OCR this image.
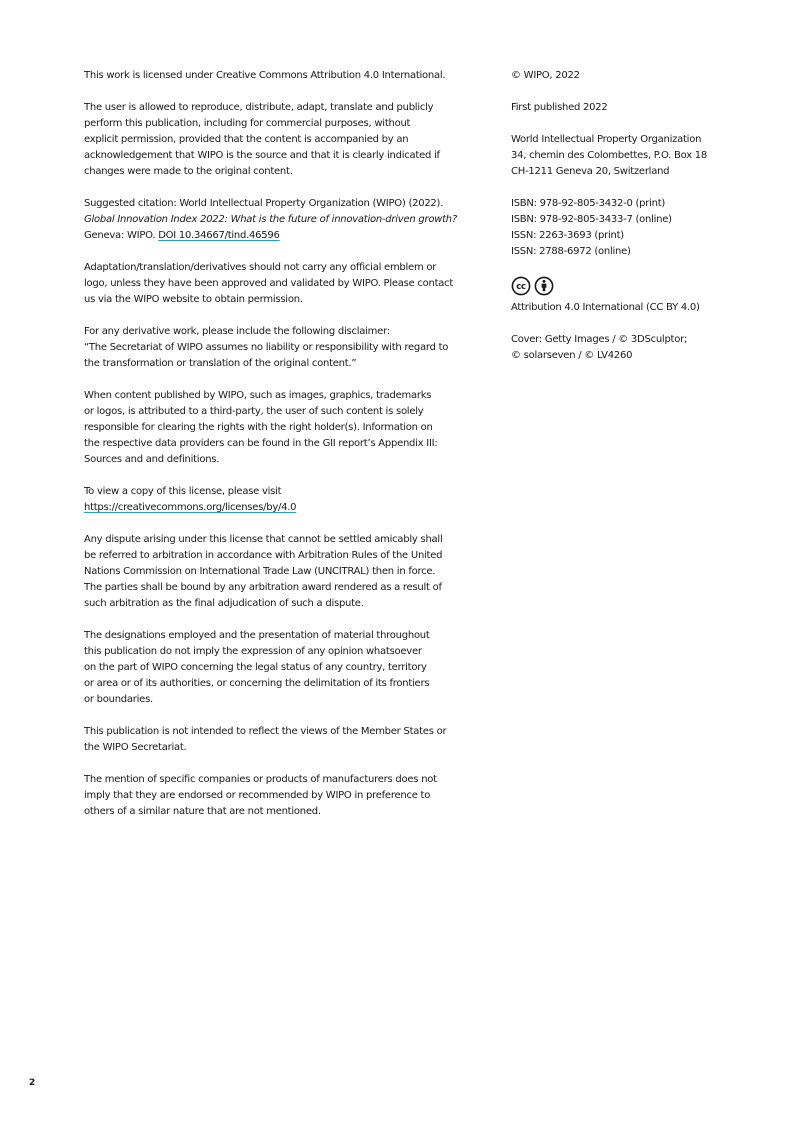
This work is licensed under Creative Commons Attribution 4.0 International.

The user is allowed to reproduce, distribute, adapt, translate and publicly
perform this publication, including for commercial purposes, without
explicit permission, provided that the content is accompanied by an
acknowledgement that WIPO is the source and that it is clearly indicated if
changes were made to the original content.

Suggested citation: World Intellectual Property Organization (WIPO) (2022).
Global Innovation Index 2022: What is the future of innovation-driven growth?
Geneva: WIPO. DOI 10.34667/tind.46596

Adaptation/translation/derivatives should not carry any official emblem or
logo, unless they have been approved and validated by WIPO. Please contact
us via the WIPO website to obtain permission.

For any derivative work, please include the following disclaimer:
“The Secretariat of WIPO assumes no liability or responsibility with regard to
the transformation or translation of the original content.”

When content published by WIPO, such as images, graphics, trademarks
or logos, is attributed to a third-party, the user of such content is solely
responsible for clearing the rights with the right holder(s). Information on
the respective data providers can be found in the GII report’s Appendix III:
Sources and and definitions.

To view a copy of this license, please visit
https://creativecommons.org/licenses/by/4.0

Any dispute arising under this license that cannot be settled amicably shall
be referred to arbitration in accordance with Arbitration Rules of the United
Nations Commission on International Trade Law (UNCITRAL) then in force.
The parties shall be bound by any arbitration award rendered as a result of
such arbitration as the final adjudication of such a dispute.

The designations employed and the presentation of material throughout
this publication do not imply the expression of any opinion whatsoever
on the part of WIPO concerning the legal status of any country, territory
or area or of its authorities, or concerning the delimitation of its frontiers
or boundaries.

This publication is not intended to reflect the views of the Member States or
the WIPO Secretariat.

The mention of specific companies or products of manufacturers does not
imply that they are endorsed or recommended by WIPO in preference to
others of a similar nature that are not mentioned.

© WIPO, 2022

First published 2022

World Intellectual Property Organization
34, chemin des Colombettes, P.O. Box 18
CH-1211 Geneva 20, Switzerland

ISBN: 978-92-805-3432-0 (print)
ISBN: 978-92-805-3433-7 (online)
ISSN: 2263-3693 (print)
ISSN: 2788-6972 (online)

cc

Attribution 4.0 International (CC BY 4.0)

Cover: Getty Images / © 3DSculptor;
© solarseven / © LV4260

2
